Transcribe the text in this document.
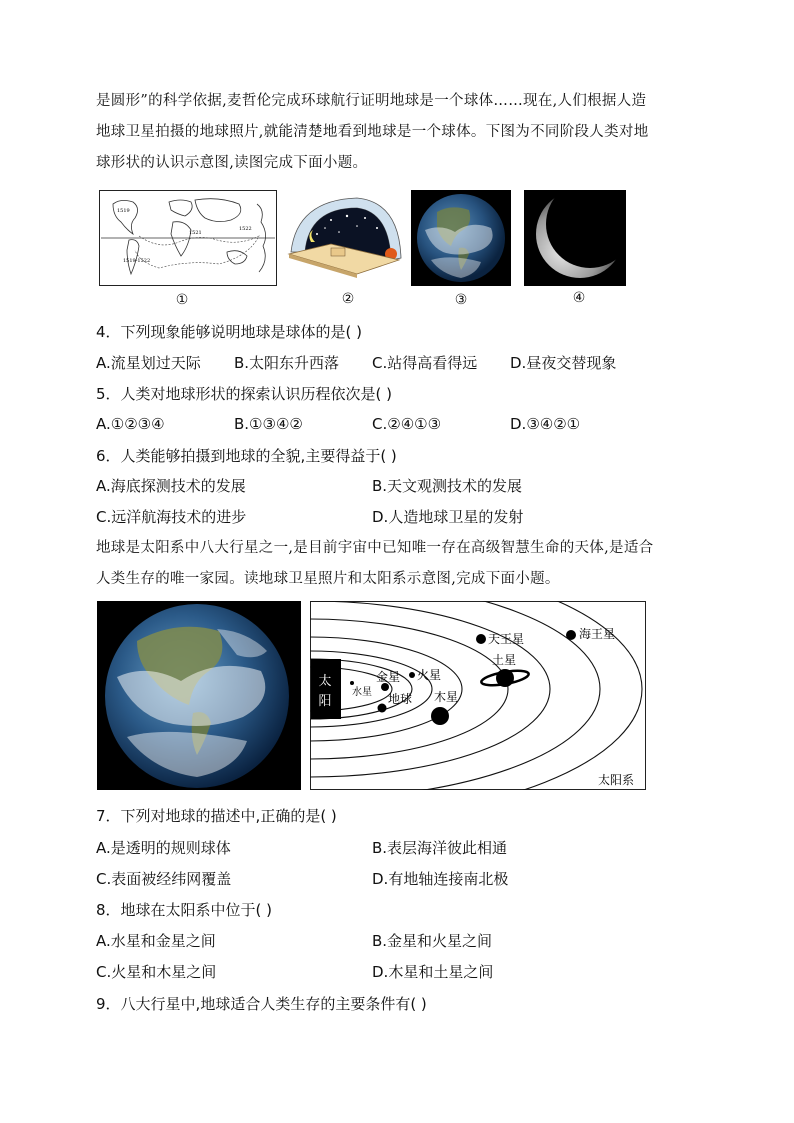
是圆形”的科学依据,麦哲伦完成环球航行证明地球是一个球体……现在,人们根据人造
地球卫星拍摄的地球照片,就能清楚地看到地球是一个球体。下图为不同阶段人类对地
球形状的认识示意图,读图完成下面小题。
1519
1521
1522
1519-1522
①	②	③	④
4．下列现象能够说明地球是球体的是( )
A.流星划过天际 B.太阳东升西落 C.站得高看得远 D.昼夜交替现象
5．人类对地球形状的探索认识历程依次是( )
A.①②③④	B.①③④②	C.②④①③	D.③④②①
6．人类能够拍摄到地球的全貌,主要得益于( )
A.海底探测技术的发展	B.天文观测技术的发展
C.远洋航海技术的进步	D.人造地球卫星的发射
地球是太阳系中八大行星之一,是目前宇宙中已知唯一存在高级智慧生命的天体,是适合
人类生存的唯一家园。读地球卫星照片和太阳系示意图,完成下面小题。
太
阳
水星
金星
地球
火星
木星
土星
天王星	海王星
太阳系
7．下列对地球的描述中,正确的是( )
A.是透明的规则球体	B.表层海洋彼此相通
C.表面被经纬网覆盖	D.有地轴连接南北极
8．地球在太阳系中位于( )
A.水星和金星之间	B.金星和火星之间
C.火星和木星之间	D.木星和土星之间
9．八大行星中,地球适合人类生存的主要条件有( )
